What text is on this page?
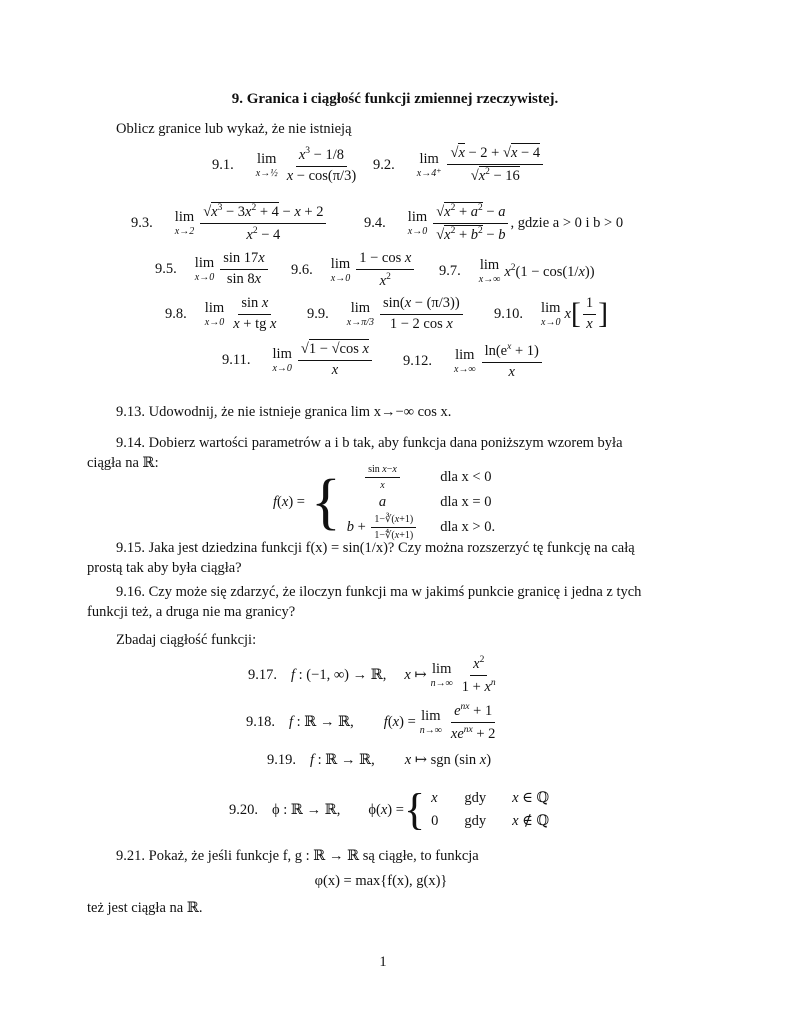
9. Granica i ciągłość funkcji zmiennej rzeczywistej.
Oblicz granice lub wykaż, że nie istnieją
9.1. lim
x→½ $\frac{x^3 - 1/8}{x - \cos(\pi/3)} 9.2$. lim
$x\to 4^+ \frac{√x - 2 + √x - 4}{√x^2 - 16}$
9.3. lim
$x\to 2 \frac{√x^3 - 3x^2 + 4 - x + 2}{x^2 - 4}$	9.4. lim
$x\to 0 \frac{√x^2 + a^2 - a}{√x^2 + b^2 - b}$ , gdzie a > 0 i b > 0
9.5. lim
$x\to 0 \frac{\sin 17x}{\sin 8x} 9.6$. lim
$x\to 0 \frac{\text{1 − cos x}}{x^2} 9.7$. lim
x→∞ $x^2(1 - \cos(1/x))$
9.8. lim
$x\to 0 \frac{\text{sin x}}{\text{x + tg x}} 9.9$. lim
$x\to\pi/3 \frac{\sin(x - (\pi/3))}{\text{1 − 2 cos x}} 9.10$. lim
x→0
x [ $\frac{1}{x}$ ]
9.11. lim
$x\to 0 \frac{\text{√1 − √cos x}}{x} 9.12$. lim
$x\to\infty \frac{\ln(e^x + 1)}{x}$
9.13. Udowodnij, że nie istnieje granica lim x→−∞ cos x.
9.14. Dobierz wartości parametrów a i b tak, aby funkcja dana poniższym wzorem była
ciągła na ℝ:
f(x) = { $\frac{\text{sin x−x}}{x}$ dla x < 0
a	dla x = 0
$b + \frac{1-∛(x+1)}{1-∜(x+1)}$ dla x > 0.
9.15. Jaka jest dziedzina funkcji f(x) = sin(1/x)? Czy można rozszerzyć tę funkcję na całą
prostą tak aby była ciągła?
9.16. Czy może się zdarzyć, że iloczyn funkcji ma w jakimś punkcie granicę i jedna z tych
funkcji też, a druga nie ma granicy?
Zbadaj ciągłość funkcji:
9.17. f : (−1, ∞) → ℝ, x ↦ lim
$n\to\infty \frac{x^2}{1 + x^n}$
9.18. f : ℝ → ℝ, f(x) = lim
$n\to\infty \frac{e^{nx} + 1}{xe^{nx} + 2}$
9.19. f : ℝ → ℝ, x ↦ sgn (sin x)
9.20. ϕ : ℝ → ℝ, ϕ(x) = { x gdy x ∈ ℚ
0 gdy x ∉ ℚ
9.21. Pokaż, że jeśli funkcje f, g : ℝ → ℝ są ciągłe, to funkcja
φ(x) = max{f(x), g(x)}
też jest ciągła na ℝ.
1
